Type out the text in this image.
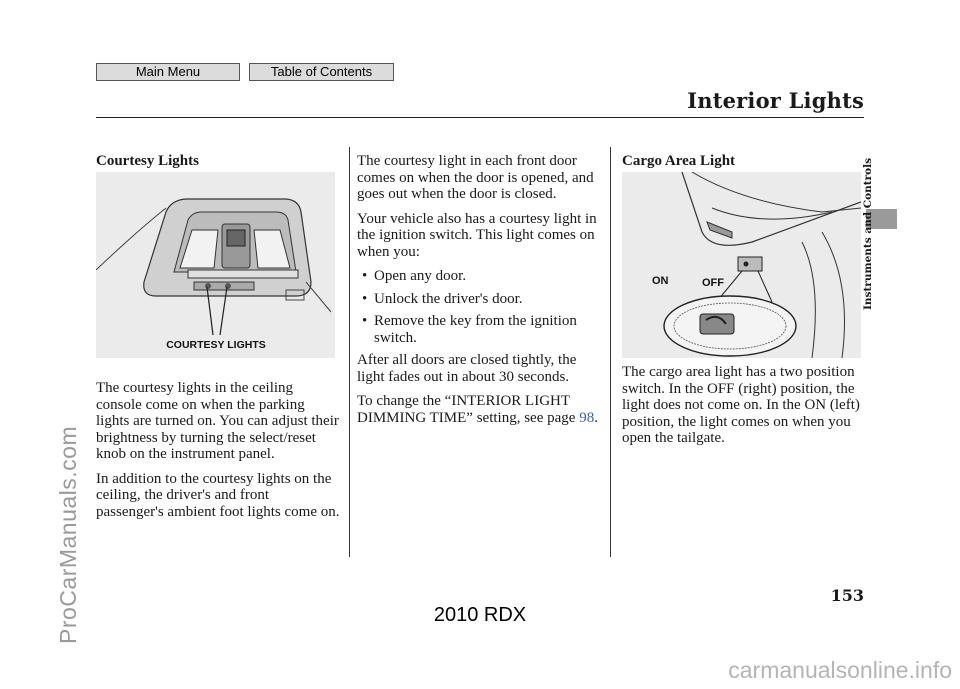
Main Menu	Table of Contents
Interior Lights
Courtesy Lights
COURTESY LIGHTS

The courtesy lights in the ceiling console come on when the parking lights are turned on. You can adjust their brightness by turning the select/reset knob on the instrument panel.

In addition to the courtesy lights on the ceiling, the driver's and front passenger's ambient foot lights come on.

The courtesy light in each front door comes on when the door is opened, and goes out when the door is closed.

Your vehicle also has a courtesy light in the ignition switch. This light comes on when you:

• Open any door.
• Unlock the driver's door.
• Remove the key from the ignition switch.

After all doors are closed tightly, the light fades out in about 30 seconds.

To change the “INTERIOR LIGHT DIMMING TIME” setting, see page 98.

Cargo Area Light
ON	OFF

The cargo area light has a two position switch. In the OFF (right) position, the light does not come on. In the ON (left) position, the light comes on when you open the tailgate.

Instruments and Controls
153
2010 RDX
ProCarManuals.com
carmanualsonline.info
